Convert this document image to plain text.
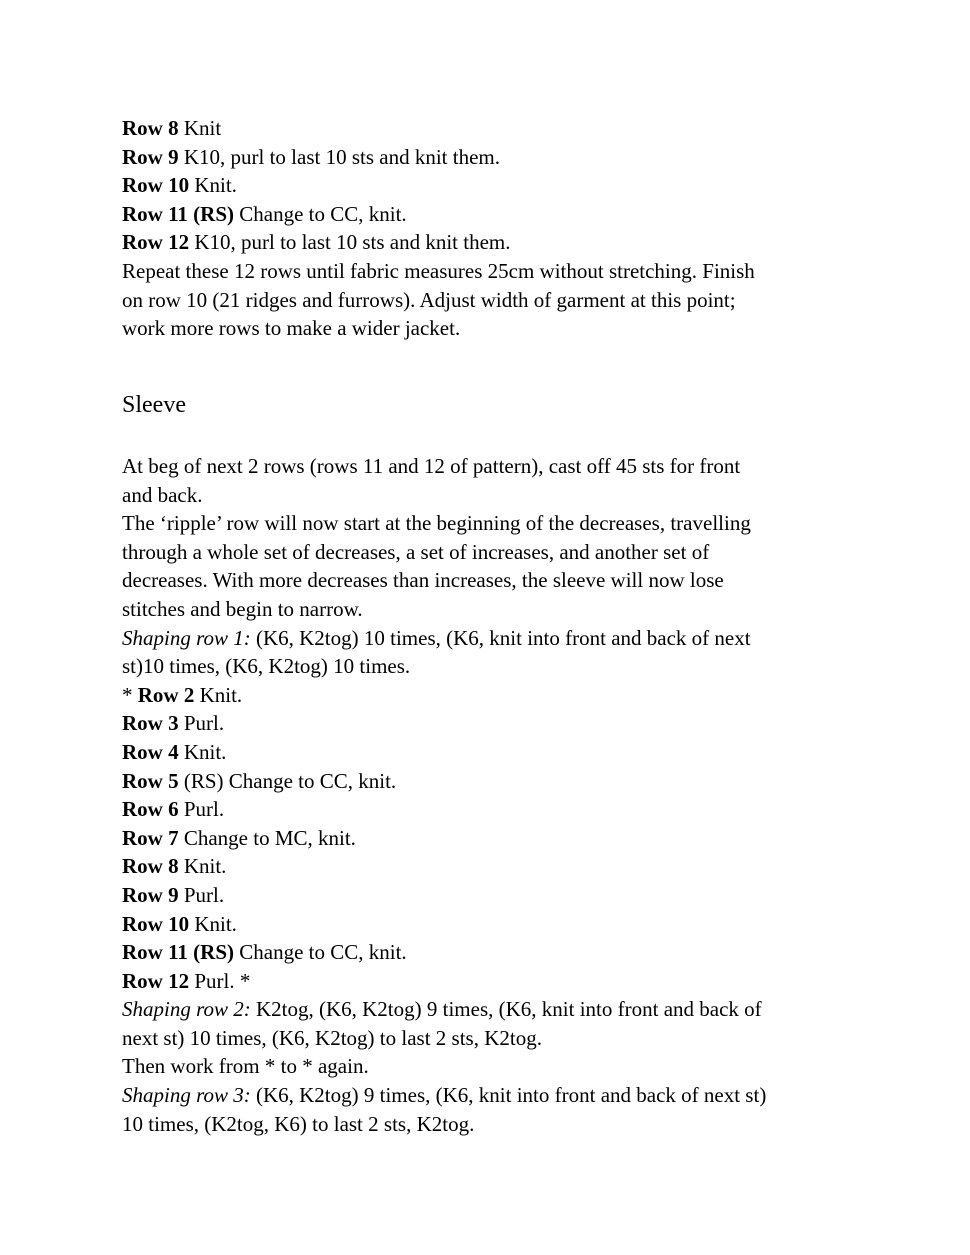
Row 8 Knit
Row 9 K10, purl to last 10 sts and knit them.
Row 10 Knit.
Row 11 (RS) Change to CC, knit.
Row 12 K10, purl to last 10 sts and knit them.
Repeat these 12 rows until fabric measures 25cm without stretching. Finish
on row 10 (21 ridges and furrows). Adjust width of garment at this point;
work more rows to make a wider jacket.
Sleeve
At beg of next 2 rows (rows 11 and 12 of pattern), cast off 45 sts for front
and back.
The ‘ripple’ row will now start at the beginning of the decreases, travelling
through a whole set of decreases, a set of increases, and another set of
decreases. With more decreases than increases, the sleeve will now lose
stitches and begin to narrow.
Shaping row 1: (K6, K2tog) 10 times, (K6, knit into front and back of next
st)10 times, (K6, K2tog) 10 times.
* Row 2 Knit.
Row 3 Purl.
Row 4 Knit.
Row 5 (RS) Change to CC, knit.
Row 6 Purl.
Row 7 Change to MC, knit.
Row 8 Knit.
Row 9 Purl.
Row 10 Knit.
Row 11 (RS) Change to CC, knit.
Row 12 Purl. *
Shaping row 2: K2tog, (K6, K2tog) 9 times, (K6, knit into front and back of
next st) 10 times, (K6, K2tog) to last 2 sts, K2tog.
Then work from * to * again.
Shaping row 3: (K6, K2tog) 9 times, (K6, knit into front and back of next st)
10 times, (K2tog, K6) to last 2 sts, K2tog.
